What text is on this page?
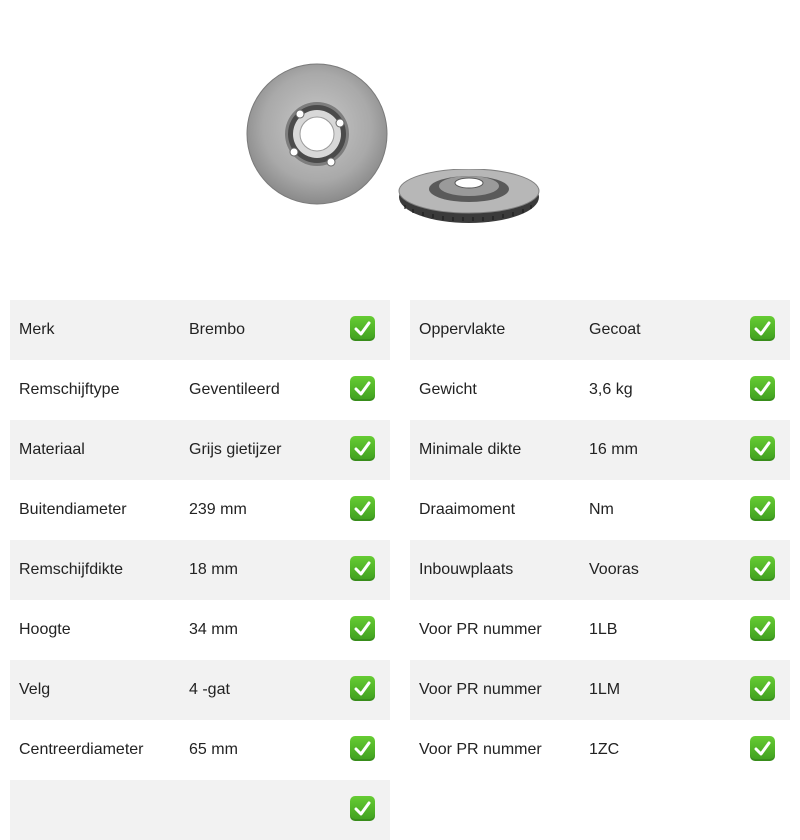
Merk	Brembo
Remschijftype	Geventileerd
Materiaal	Grijs gietijzer
Buitendiameter	239 mm
Remschijfdikte	18 mm
Hoogte	34 mm
Velg	4 -gat
Centreerdiameter	65 mm
Oppervlakte	Gecoat
Gewicht	3,6 kg
Minimale dikte	16 mm
Draaimoment	Nm
Inbouwplaats	Vooras
Voor PR nummer	1LB
Voor PR nummer	1LM
Voor PR nummer	1ZC
